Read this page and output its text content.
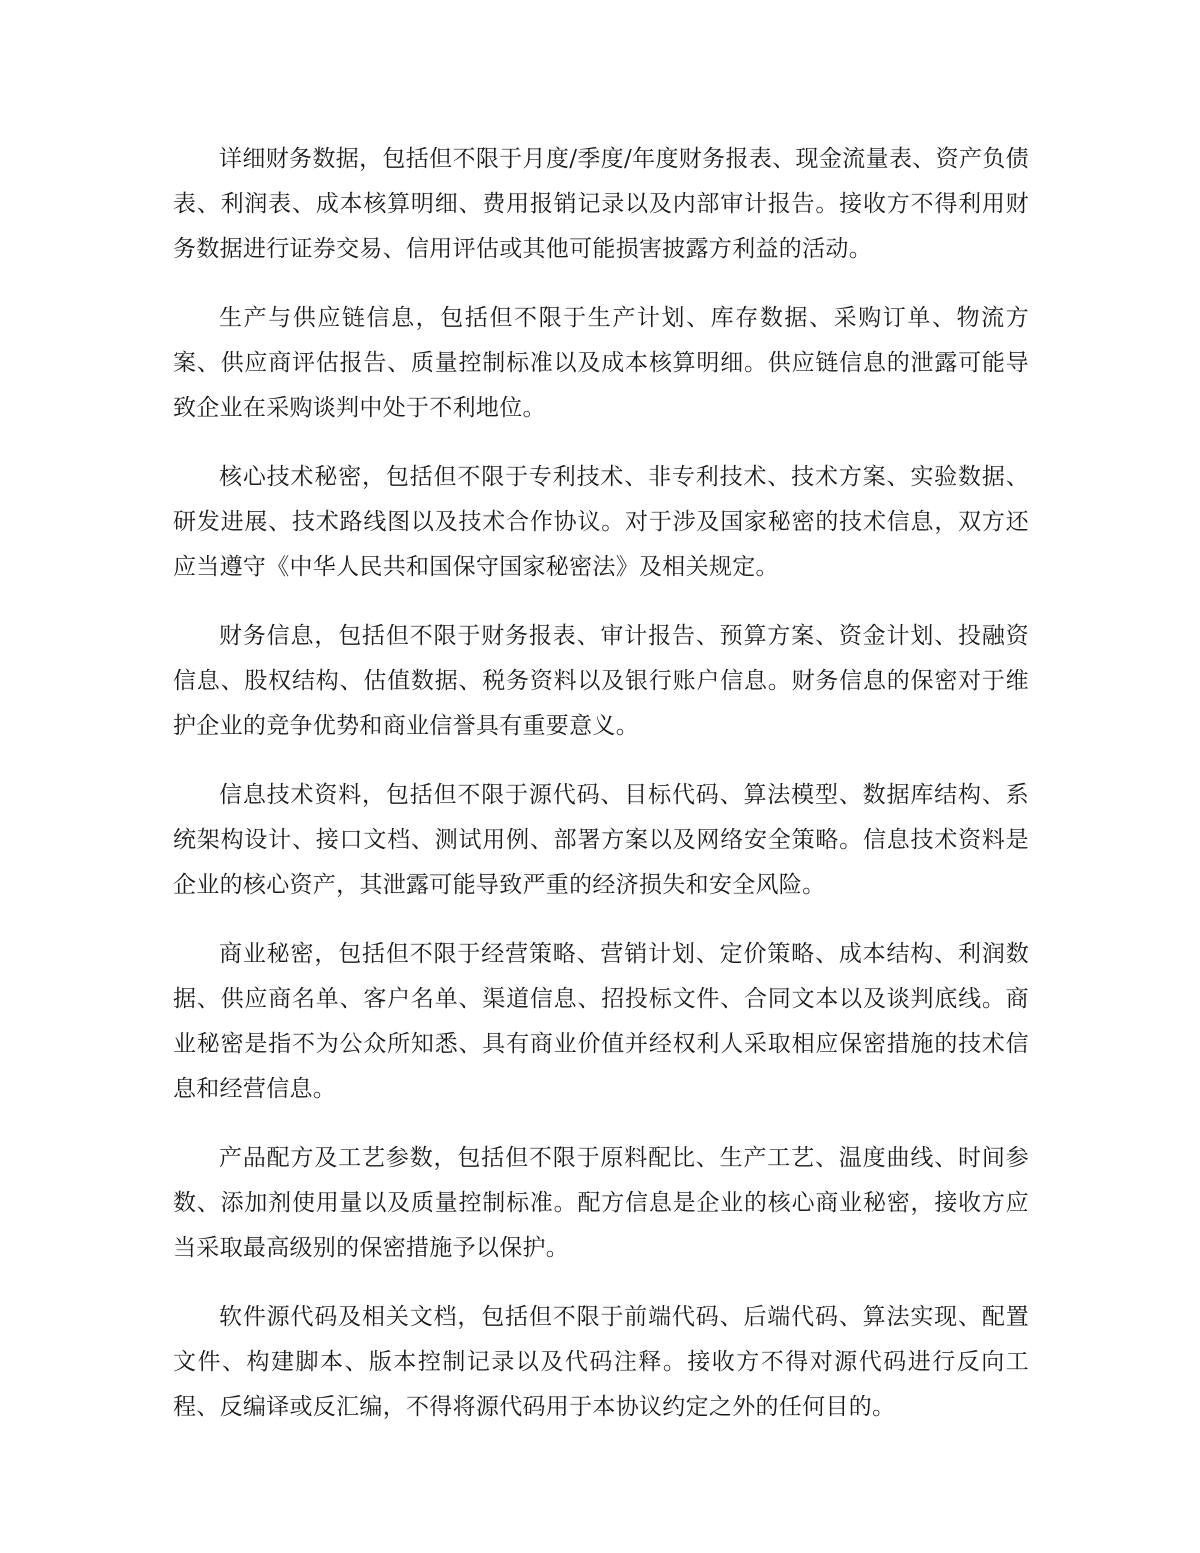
详细财务数据，包括但不限于月度/季度/年度财务报表、现金流量表、资产负债表、利润表、成本核算明细、费用报销记录以及内部审计报告。接收方不得利用财务数据进行证券交易、信用评估或其他可能损害披露方利益的活动。

生产与供应链信息，包括但不限于生产计划、库存数据、采购订单、物流方案、供应商评估报告、质量控制标准以及成本核算明细。供应链信息的泄露可能导致企业在采购谈判中处于不利地位。

核心技术秘密，包括但不限于专利技术、非专利技术、技术方案、实验数据、研发进展、技术路线图以及技术合作协议。对于涉及国家秘密的技术信息，双方还应当遵守《中华人民共和国保守国家秘密法》及相关规定。

财务信息，包括但不限于财务报表、审计报告、预算方案、资金计划、投融资信息、股权结构、估值数据、税务资料以及银行账户信息。财务信息的保密对于维护企业的竞争优势和商业信誉具有重要意义。

信息技术资料，包括但不限于源代码、目标代码、算法模型、数据库结构、系统架构设计、接口文档、测试用例、部署方案以及网络安全策略。信息技术资料是企业的核心资产，其泄露可能导致严重的经济损失和安全风险。

商业秘密，包括但不限于经营策略、营销计划、定价策略、成本结构、利润数据、供应商名单、客户名单、渠道信息、招投标文件、合同文本以及谈判底线。商业秘密是指不为公众所知悉、具有商业价值并经权利人采取相应保密措施的技术信息和经营信息。

产品配方及工艺参数，包括但不限于原料配比、生产工艺、温度曲线、时间参数、添加剂使用量以及质量控制标准。配方信息是企业的核心商业秘密，接收方应当采取最高级别的保密措施予以保护。

软件源代码及相关文档，包括但不限于前端代码、后端代码、算法实现、配置文件、构建脚本、版本控制记录以及代码注释。接收方不得对源代码进行反向工程、反编译或反汇编，不得将源代码用于本协议约定之外的任何目的。
